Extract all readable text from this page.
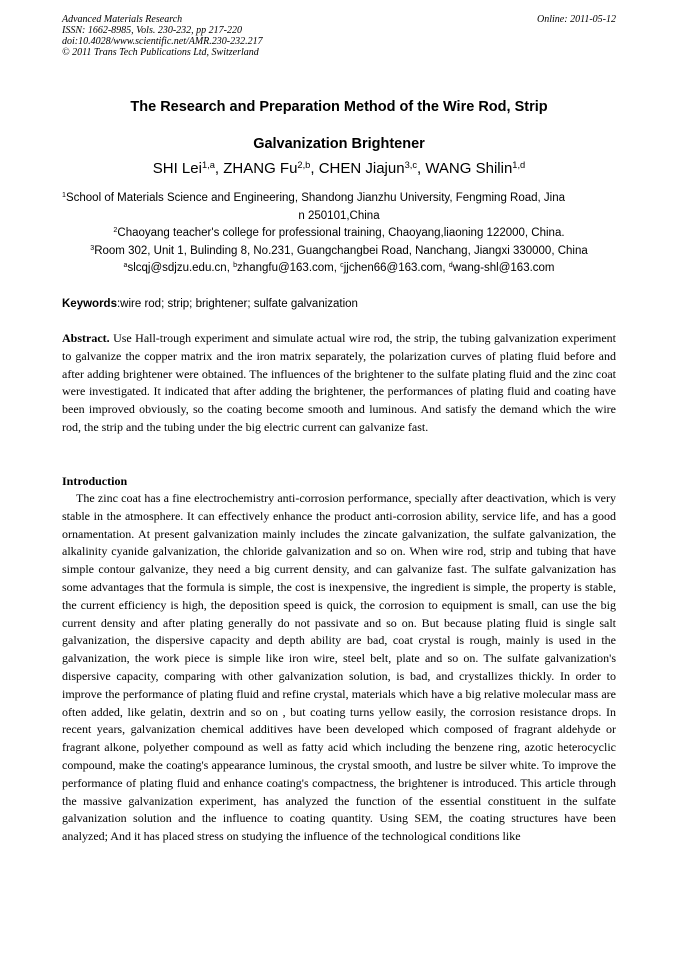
Advanced Materials Research
ISSN: 1662-8985, Vols. 230-232, pp 217-220
doi:10.4028/www.scientific.net/AMR.230-232.217
© 2011 Trans Tech Publications Ltd, Switzerland
Online: 2011-05-12
The Research and Preparation Method of the Wire Rod, Strip
Galvanization Brightener
SHI Lei$^{1,a}$, ZHANG Fu$^{2,b}$, CHEN Jiajun$^{3,c}$, WANG Shilin$^{1,d}$
$^1$School of Materials Science and Engineering, Shandong Jianzhu University, Fengming Road, Jina
n 250101,China
$^2$Chaoyang teacher's college for professional training, Chaoyang,liaoning 122000, China.
$^3$Room 302, Unit 1, Bulinding 8, No.231, Guangchangbei Road, Nanchang, Jiangxi 330000, China
$^a$slcqj@sdjzu.edu.cn, $^b$zhangfu@163.com, $^c$jjchen66@163.com, $^d$wang-shl@163.com
Keywords:wire rod; strip; brightener; sulfate galvanization
Abstract. Use Hall-trough experiment and simulate actual wire rod, the strip, the tubing galvanization experiment to galvanize the copper matrix and the iron matrix separately, the polarization curves of plating fluid before and after adding brightener were obtained. The influences of the brightener to the sulfate plating fluid and the zinc coat were investigated. It indicated that after adding the brightener, the performances of plating fluid and coating have been improved obviously, so the coating become smooth and luminous. And satisfy the demand which the wire rod, the strip and the tubing under the big electric current can galvanize fast.
Introduction
The zinc coat has a fine electrochemistry anti-corrosion performance, specially after deactivation, which is very stable in the atmosphere. It can effectively enhance the product anti-corrosion ability, service life, and has a good ornamentation. At present galvanization mainly includes the zincate galvanization, the sulfate galvanization, the alkalinity cyanide galvanization, the chloride galvanization and so on. When wire rod, strip and tubing that have simple contour galvanize, they need a big current density, and can galvanize fast. The sulfate galvanization has some advantages that the formula is simple, the cost is inexpensive, the ingredient is simple, the property is stable, the current efficiency is high, the deposition speed is quick, the corrosion to equipment is small, can use the big current density and after plating generally do not passivate and so on. But because plating fluid is single salt galvanization, the dispersive capacity and depth ability are bad, coat crystal is rough, mainly is used in the galvanization, the work piece is simple like iron wire, steel belt, plate and so on. The sulfate galvanization's dispersive capacity, comparing with other galvanization solution, is bad, and crystallizes thickly. In order to improve the performance of plating fluid and refine crystal, materials which have a big relative molecular mass are often added, like gelatin, dextrin and so on , but coating turns yellow easily, the corrosion resistance drops. In recent years, galvanization chemical additives have been developed which composed of fragrant aldehyde or fragrant alkone, polyether compound as well as fatty acid which including the benzene ring, azotic heterocyclic compound, make the coating's appearance luminous, the crystal smooth, and lustre be silver white. To improve the performance of plating fluid and enhance coating's compactness, the brightener is introduced. This article through the massive galvanization experiment, has analyzed the function of the essential constituent in the sulfate galvanization solution and the influence to coating quantity. Using SEM, the coating structures have been analyzed; And it has placed stress on studying the influence of the technological conditions like
